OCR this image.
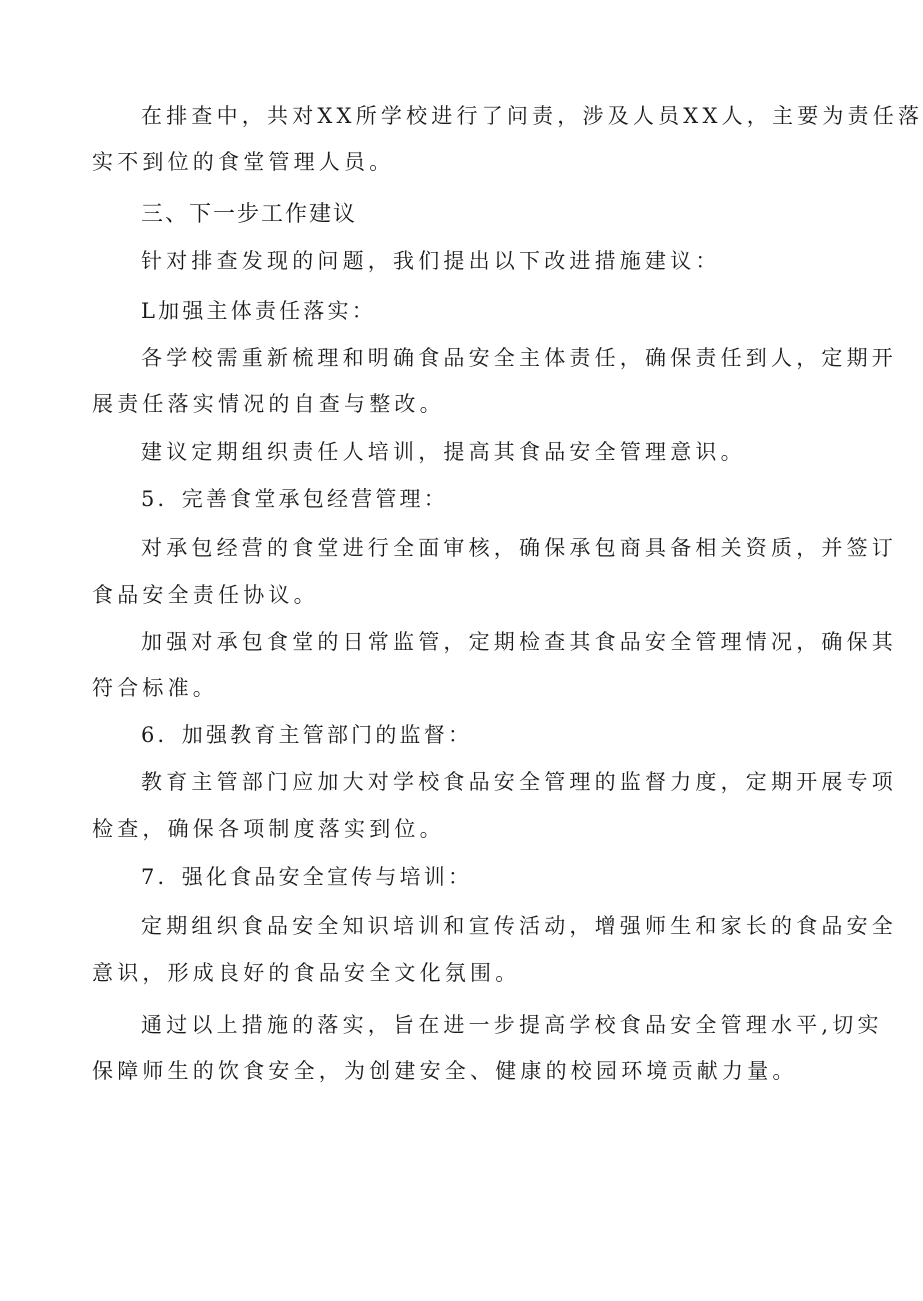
在排查中，共对XX所学校进行了问责，涉及人员XX人，主要为责任落
实不到位的食堂管理人员。
三、下一步工作建议
针对排查发现的问题，我们提出以下改进措施建议：
L加强主体责任落实：
各学校需重新梳理和明确食品安全主体责任，确保责任到人，定期开
展责任落实情况的自查与整改。
建议定期组织责任人培训，提高其食品安全管理意识。
5．完善食堂承包经营管理：
对承包经营的食堂进行全面审核，确保承包商具备相关资质，并签订
食品安全责任协议。
加强对承包食堂的日常监管，定期检查其食品安全管理情况，确保其
符合标准。
6．加强教育主管部门的监督：
教育主管部门应加大对学校食品安全管理的监督力度，定期开展专项
检查，确保各项制度落实到位。
7．强化食品安全宣传与培训：
定期组织食品安全知识培训和宣传活动，增强师生和家长的食品安全
意识，形成良好的食品安全文化氛围。
通过以上措施的落实，旨在进一步提高学校食品安全管理水平,切实
保障师生的饮食安全，为创建安全、健康的校园环境贡献力量。
